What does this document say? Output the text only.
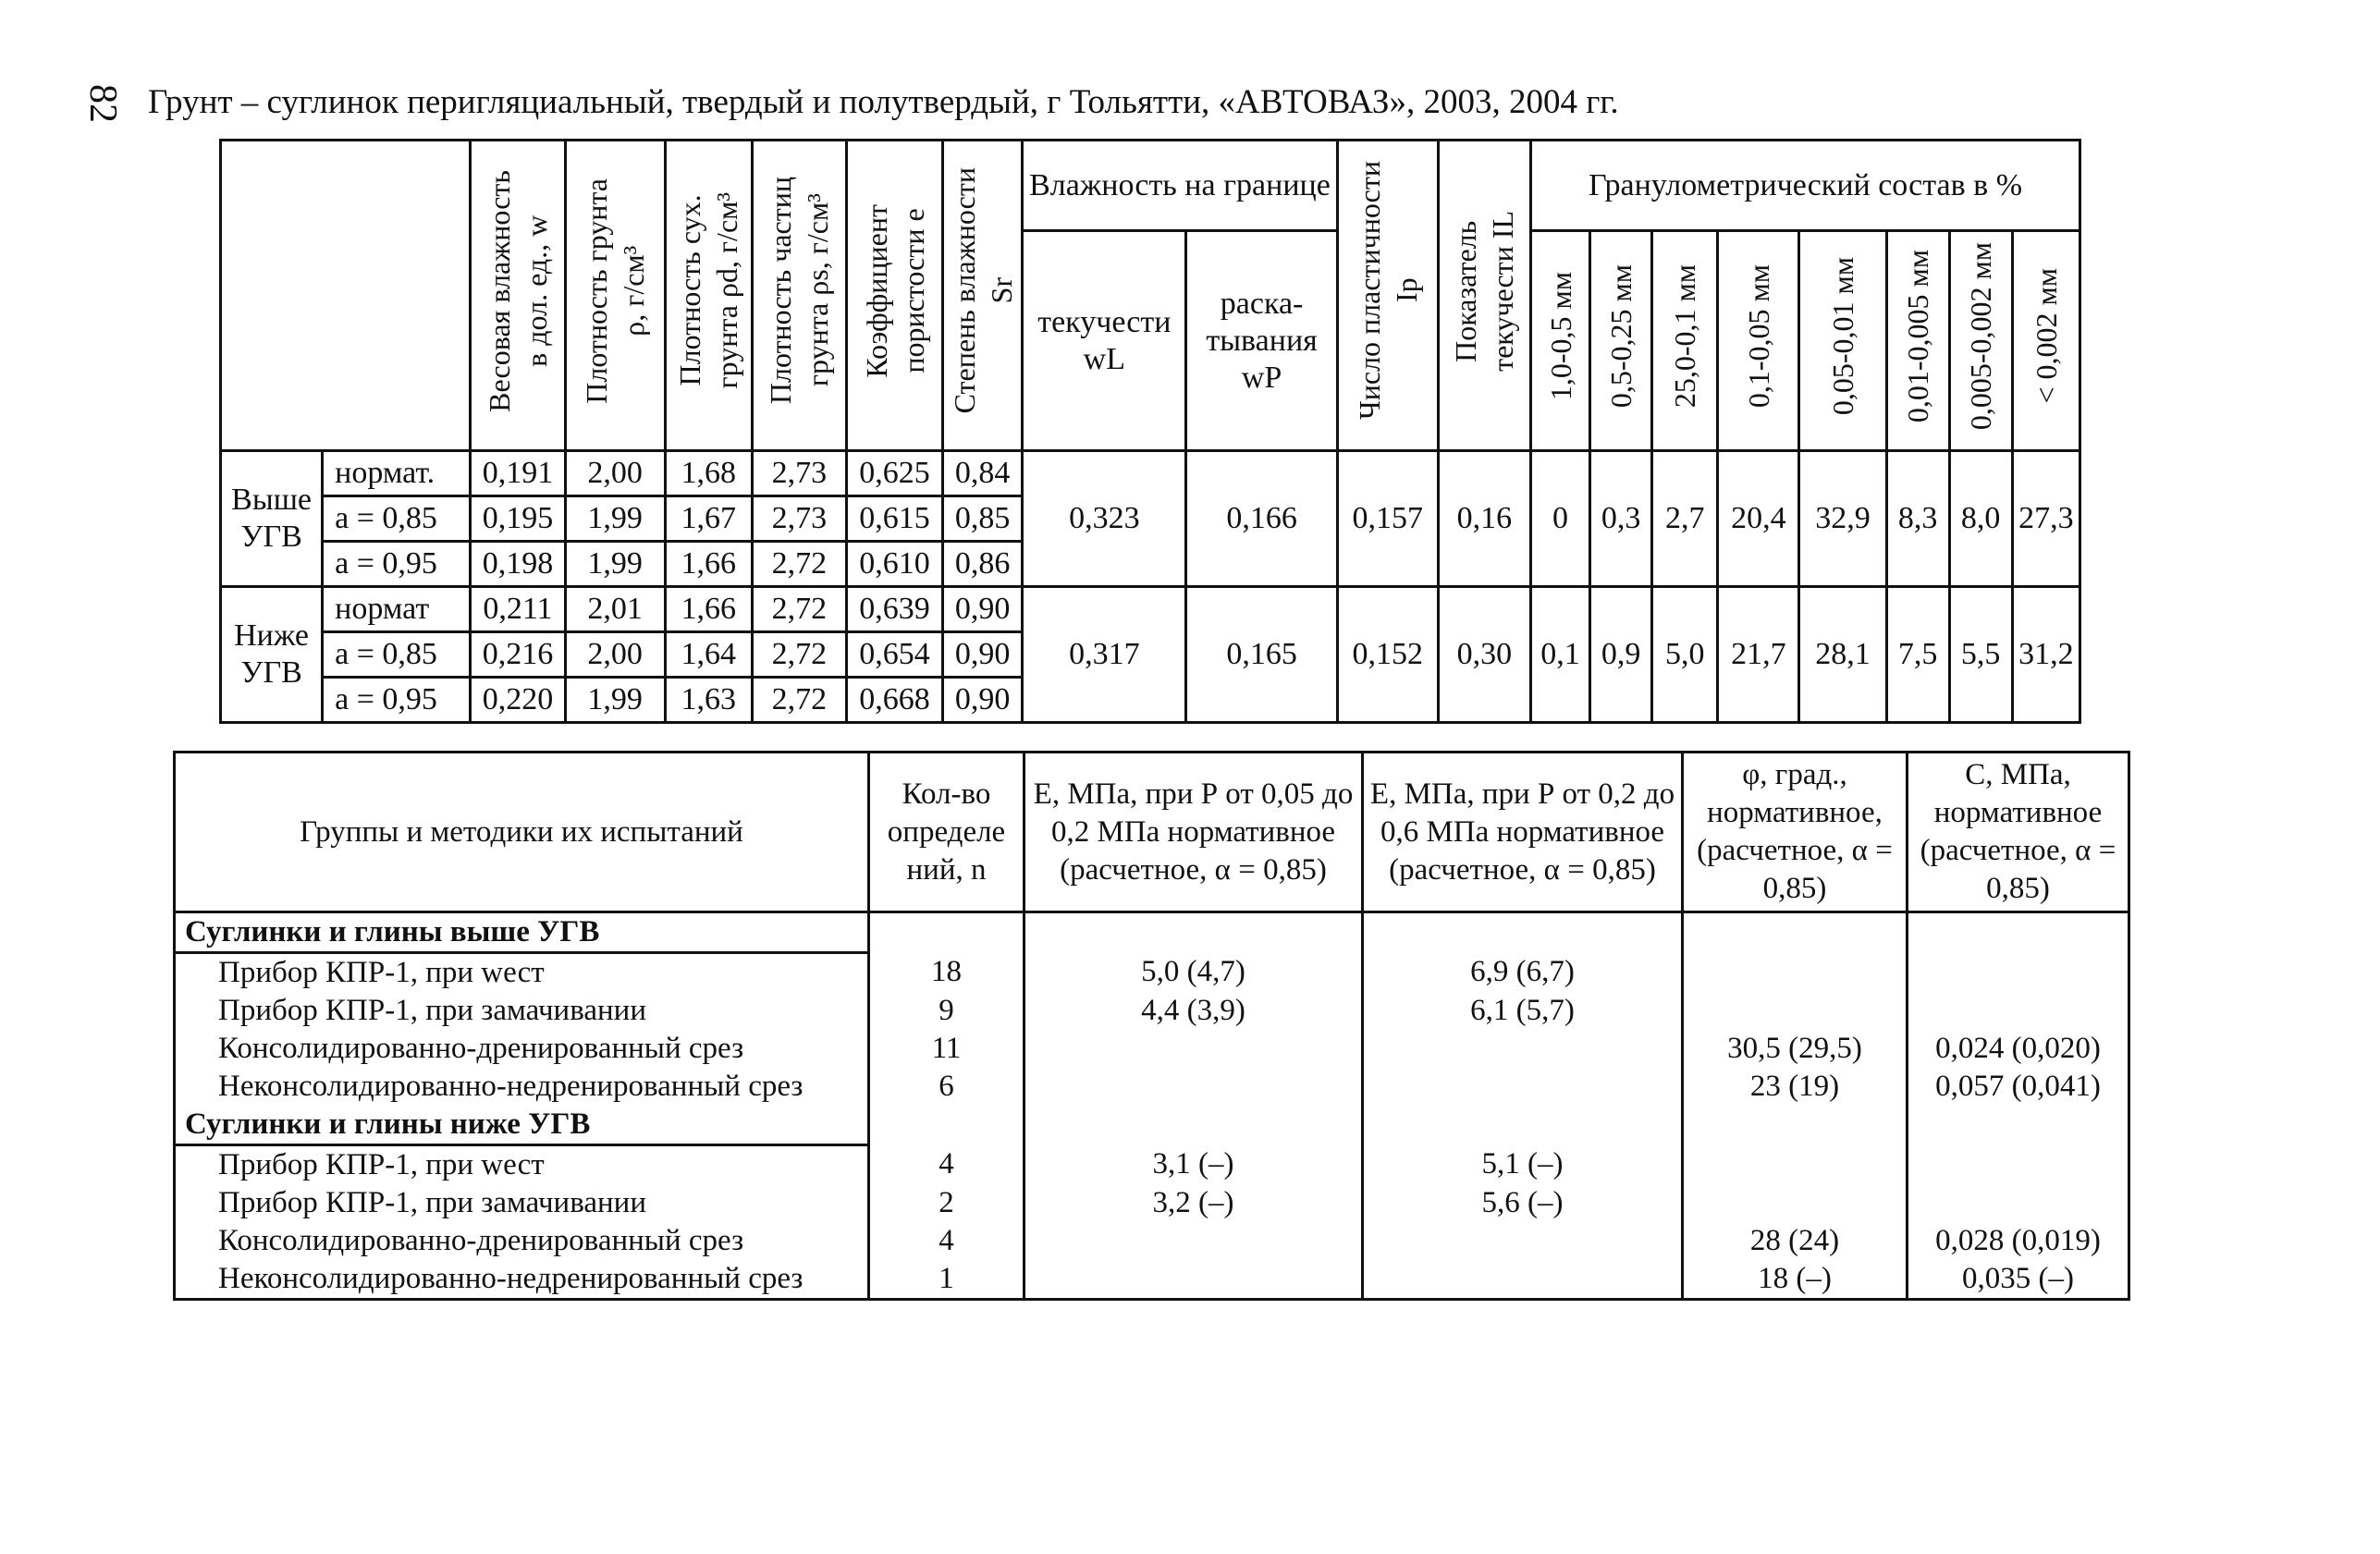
82 Грунт – суглинок перигляциальный, твердый и полутвердый, г Тольятти, «АВТОВАЗ», 2003, 2004 гг.

		Весовая влажность в дол. ед., w	Плотность грунта ρ, г/см³	Плотность сух. грунта ρd, г/см³	Плотность частиц грунта ρs, г/см³	Коэффициент пористости e	Степень влажности Sr	Влажность на границе		Число пластичности Ip	Показатель текучести IL	Гранулометрический состав в %							
								текучести wL	раска-тывания wP			1,0-0,5 мм	0,5-0,25 мм	25,0-0,1 мм	0,1-0,05 мм	0,05-0,01 мм	0,01-0,005 мм	0,005-0,002 мм	< 0,002 мм
Выше УГВ	нормат.	0,191	2,00	1,68	2,73	0,625	0,84	0,323	0,166	0,157	0,16	0	0,3	2,7	20,4	32,9	8,3	8,0	27,3
	a = 0,85	0,195	1,99	1,67	2,73	0,615	0,85												
	a = 0,95	0,198	1,99	1,66	2,72	0,610	0,86												
Ниже УГВ	нормат	0,211	2,01	1,66	2,72	0,639	0,90	0,317	0,165	0,152	0,30	0,1	0,9	5,0	21,7	28,1	7,5	5,5	31,2
	a = 0,85	0,216	2,00	1,64	2,72	0,654	0,90												
	a = 0,95	0,220	1,99	1,63	2,72	0,668	0,90												
Группы и методики их испытаний	Кол-во определе ний, n	Е, МПа, при Р от 0,05 до 0,2 МПа нормативное (расчетное, α = 0,85)	Е, МПа, при Р от 0,2 до 0,6 МПа нормативное (расчетное, α = 0,85)	φ, град., нормативное, (расчетное, α = 0,85)	С, МПа, нормативное (расчетное, α = 0,85)
Суглинки и глины выше УГВ					
Прибор КПР-1, при wест	18	5,0 (4,7)	6,9 (6,7)		
Прибор КПР-1, при замачивании	9	4,4 (3,9)	6,1 (5,7)		
Консолидированно-дренированный срез	11			30,5 (29,5)	0,024 (0,020)
Неконсолидированно-недренированный срез	6			23 (19)	0,057 (0,041)
Суглинки и глины ниже УГВ					
Прибор КПР-1, при wест	4	3,1 (–)	5,1 (–)		
Прибор КПР-1, при замачивании	2	3,2 (–)	5,6 (–)		
Консолидированно-дренированный срез	4			28 (24)	0,028 (0,019)
Неконсолидированно-недренированный срез	1			18 (–)	0,035 (–)
